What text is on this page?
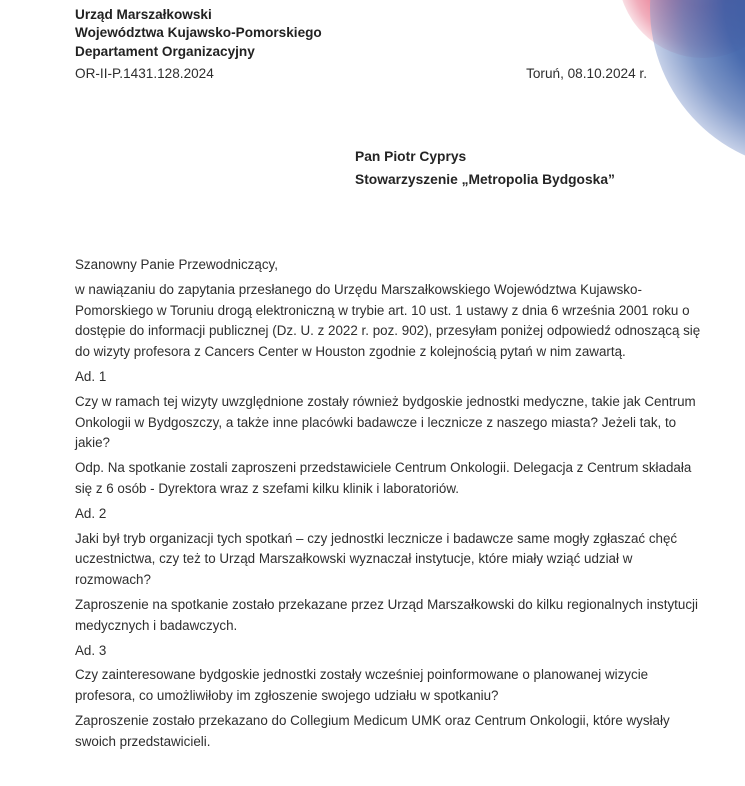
Urząd Marszałkowski
Województwa Kujawsko-Pomorskiego
Departament Organizacyjny
OR-II-P.1431.128.2024	Toruń, 08.10.2024 r.
Pan Piotr Cyprys
Stowarzyszenie „Metropolia Bydgoska”

Szanowny Panie Przewodniczący,

w nawiązaniu do zapytania przesłanego do Urzędu Marszałkowskiego Województwa Kujawsko-Pomorskiego w Toruniu drogą elektroniczną w trybie art. 10 ust. 1 ustawy z dnia 6 września 2001 roku o dostępie do informacji publicznej (Dz. U. z 2022 r. poz. 902), przesyłam poniżej odpowiedź odnoszącą się do wizyty profesora z Cancers Center w Houston zgodnie z kolejnością pytań w nim zawartą.

Ad. 1

Czy w ramach tej wizyty uwzględnione zostały również bydgoskie jednostki medyczne, takie jak Centrum Onkologii w Bydgoszczy, a także inne placówki badawcze i lecznicze z naszego miasta? Jeżeli tak, to jakie?

Odp. Na spotkanie zostali zaproszeni przedstawiciele Centrum Onkologii. Delegacja z Centrum składała się z 6 osób - Dyrektora wraz z szefami kilku klinik i laboratoriów.

Ad. 2

Jaki był tryb organizacji tych spotkań – czy jednostki lecznicze i badawcze same mogły zgłaszać chęć uczestnictwa, czy też to Urząd Marszałkowski wyznaczał instytucje, które miały wziąć udział w rozmowach?

Zaproszenie na spotkanie zostało przekazane przez Urząd Marszałkowski do kilku regionalnych instytucji medycznych i badawczych.

Ad. 3

Czy zainteresowane bydgoskie jednostki zostały wcześniej poinformowane o planowanej wizycie profesora, co umożliwiłoby im zgłoszenie swojego udziału w spotkaniu?

Zaproszenie zostało przekazano do Collegium Medicum UMK oraz Centrum Onkologii, które wysłały swoich przedstawicieli.
